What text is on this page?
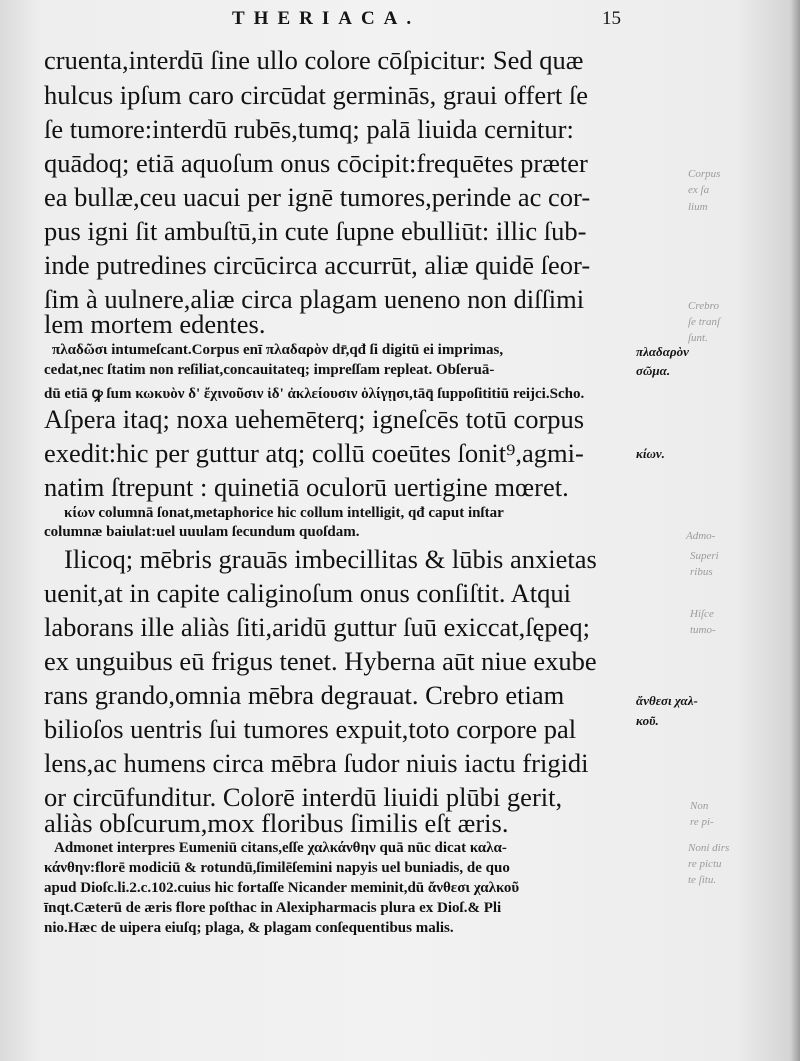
THERIACA.	15
cruenta,interdū ſine ullo colore cōſpicitur: Sed quæ
hulcus ipſum caro circūdat germinās, graui offert ſe
ſe tumore:interdū rubēs,tumq; palā liuida cernitur:
quādoq; etiā aquoſum onus cōcipit:frequētes præter
ea bullæ,ceu uacui per ignē tumores,perinde ac cor-
pus igni ſit ambuſtū,in cute ſupne ebulliūt: illic ſub-
inde putredines circūcirca accurrūt, aliæ quidē ſeor-
ſim à uulnere,aliæ circa plagam ueneno non diſſimi
lem mortem edentes.
πλαδῶσι intumeſcant.Corpus enī πλαδαρὸν dr̄,qđ ſi digitū ei imprimas,
cedat,nec ſtatim non reſiliat,concauitateq; impreſſam repleat. Obſeruā-
dū etiā ꝙ ſum κωκυὸν δ' ἔχινοῦσιν ἰδ' ἀκλείουσιν ὁλίγῃσι,tāq̄ ſuppoſititiū reijci.Scho.
Aſpera itaq; noxa uehemēterq; igneſcēs totū corpus
exedit:hic per guttur atq; collū coeūtes ſonit⁹,agmi-
natim ſtrepunt : quinetiā oculorū uertigine mœret.
κίων columnā ſonat,metaphorice hic collum intelligit, qđ caput inſtar
columnæ baiulat:uel uuulam ſecundum quoſdam.
Ilicoq; mēbris grauās imbecillitas & lūbis anxietas
uenit,at in capite caliginoſum onus conſiſtit. Atqui
laborans ille aliàs ſiti,aridū guttur ſuū exiccat,ſępeq;
ex unguibus eū frigus tenet. Hyberna aūt niue exube
rans grando,omnia mēbra degrauat. Crebro etiam
bilioſos uentris ſui tumores expuit,toto corpore pal
lens,ac humens circa mēbra ſudor niuis iactu frigidi
or circūfunditur. Colorē interdū liuidi plūbi gerit,
aliàs obſcurum,mox floribus ſimilis eſt æris.
Admonet interpres Eumeniū citans,eſſe χαλκάνθην quā nūc dicat καλα-
κάνθην:florē modiciū & rotundū,ſimilēſemini napyis uel buniadis, de quo
apud Dioſc.li.2.c.102.cuius hic fortaſſe Nicander meminit,dū ἄνθεσι χαλκοῦ
īnqt.Cæterū de æris flore poſthac in Alexipharmacis plura ex Dioſ.& Pli
nio.Hæc de uipera eiuſq; plaga, & plagam conſequentibus malis.
πλαδαρὸν
σῶμα.
κίων.
ἄνθεσι χαλ-
κοῦ.
Corpus
ex ſa
lium
Crebro
ſe tranſ
ſunt.
Admo-
Superi
ribus
Hiſce
tumo-
Non
re pi-
Noni dirs
re pictu
te ſitu.
